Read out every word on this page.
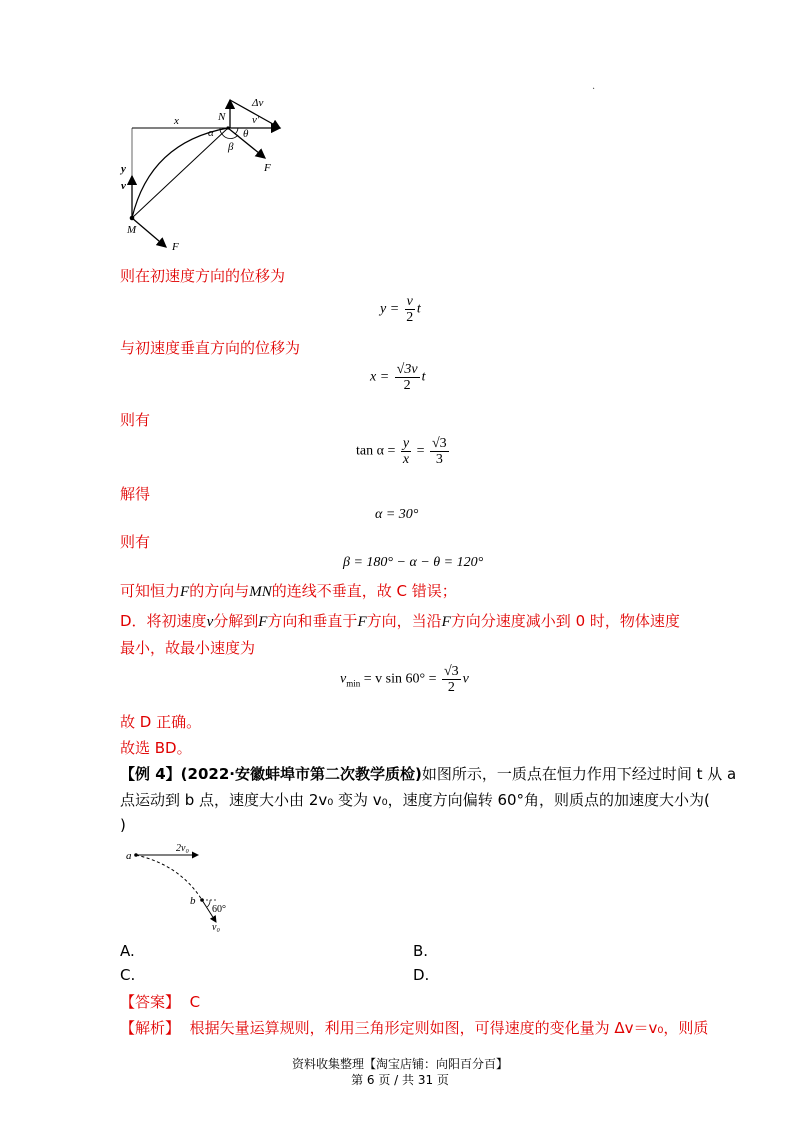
·
x	N
Δv
v′
α	θ
β
F
y
v
M
F
则在初速度方向的位移为
$y = \frac{v}{2}$ t
与初速度垂直方向的位移为
$x = \frac{√3v}{2}$ t
则有
$\tan \alpha = \frac{y}{x} = \frac{√3}{3}$
解得
α = 30°
则有
β = 180° − α − θ = 120°
可知恒力F的方向与MN的连线不垂直，故 C 错误；
D．将初速度v分解到F方向和垂直于F方向，当沿F方向分速度减小到 0 时，物体速度
最小，故最小速度为
$v_{min} = v$ $\sin 60^\circ = \frac{√3}{2}$ v
故 D 正确。
故选 BD。
【例 4】(2022·安徽蚌埠市第二次教学质检)如图所示，一质点在恒力作用下经过时间 t 从 a
点运动到 b 点，速度大小由 2v₀ 变为 v₀，速度方向偏转 60°角，则质点的加速度大小为(
)
a
2v₀
b
60°
v₀
A.	B.
C.	D.
【答案】 C
【解析】 根据矢量运算规则，利用三角形定则如图，可得速度的变化量为 Δv＝v₀，则质
资料收集整理【淘宝店铺：向阳百分百】
第 6 页 / 共 31 页
